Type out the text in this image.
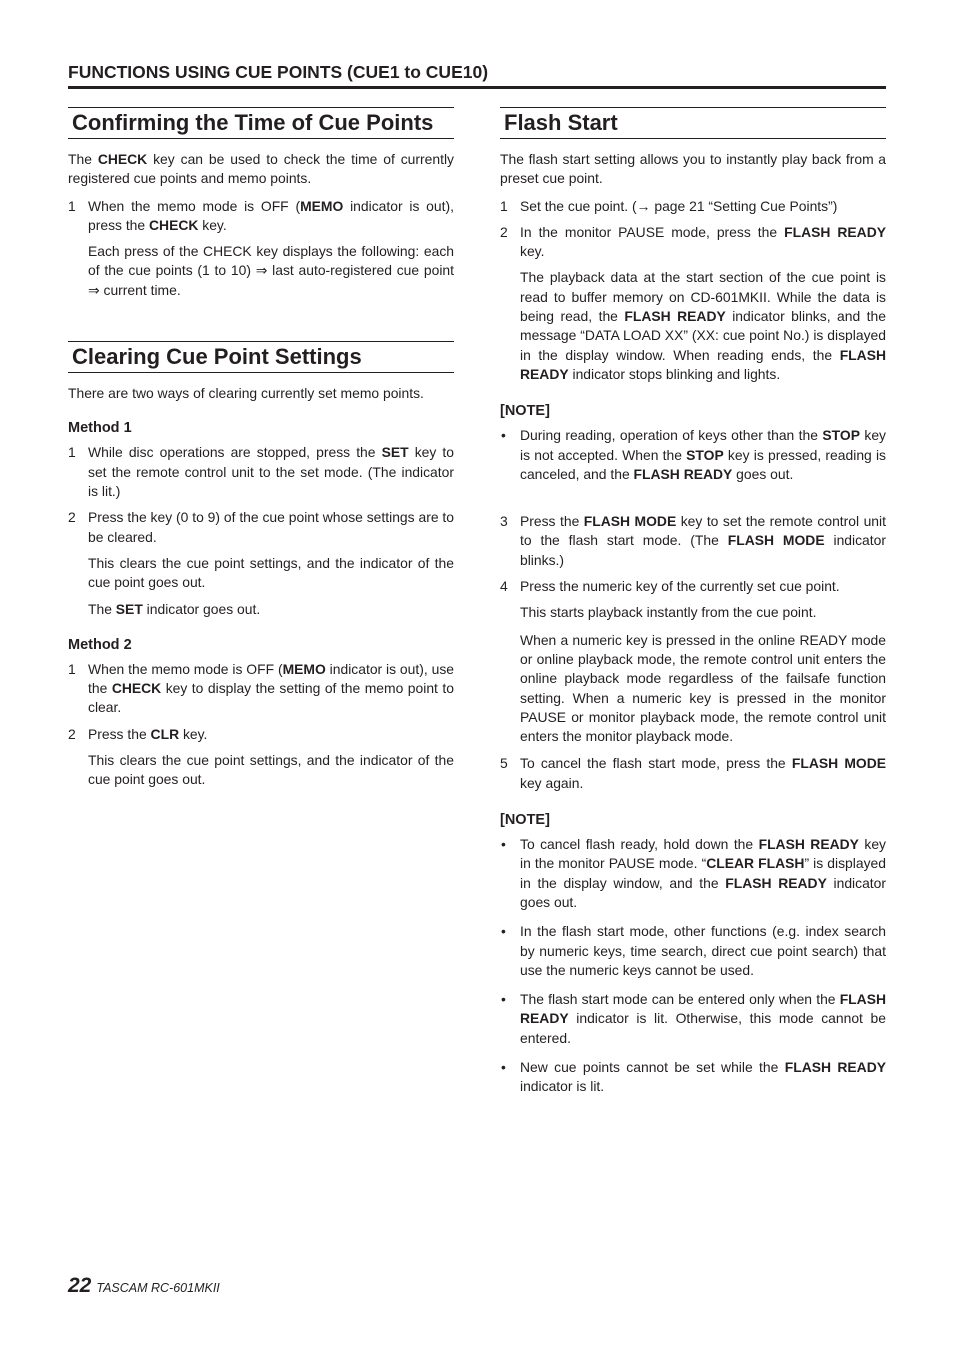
FUNCTIONS USING CUE POINTS (CUE1 to CUE10)
Confirming the Time of Cue Points

The CHECK key can be used to check the time of currently registered cue points and memo points.

1 When the memo mode is OFF (MEMO indicator is out), press the CHECK key.

Each press of the CHECK key displays the following: each of the cue points (1 to 10) ⇒ last auto-registered cue point ⇒ current time.

Clearing Cue Point Settings

There are two ways of clearing currently set memo points.

Method 1
1 While disc operations are stopped, press the SET key to set the remote control unit to the set mode. (The indicator is lit.)
2 Press the key (0 to 9) of the cue point whose settings are to be cleared.

This clears the cue point settings, and the indicator of the cue point goes out.

The SET indicator goes out.

Method 2
1 When the memo mode is OFF (MEMO indicator is out), use the CHECK key to display the setting of the memo point to clear.
2 Press the CLR key.

This clears the cue point settings, and the indicator of the cue point goes out.

Flash Start

The flash start setting allows you to instantly play back from a preset cue point.

1 Set the cue point. (→ page 21 “Setting Cue Points”)
2 In the monitor PAUSE mode, press the FLASH READY key.

The playback data at the start section of the cue point is read to buffer memory on CD-601MKII. While the data is being read, the FLASH READY indicator blinks, and the message “DATA LOAD XX” (XX: cue point No.) is displayed in the display window. When reading ends, the FLASH READY indicator stops blinking and lights.

[NOTE]
• During reading, operation of keys other than the STOP key is not accepted. When the STOP key is pressed, reading is canceled, and the FLASH READY goes out.
3 Press the FLASH MODE key to set the remote control unit to the flash start mode. (The FLASH MODE indicator blinks.)
4 Press the numeric key of the currently set cue point.

This starts playback instantly from the cue point.

When a numeric key is pressed in the online READY mode or online playback mode, the remote control unit enters the online playback mode regardless of the failsafe function setting. When a numeric key is pressed in the monitor PAUSE or monitor playback mode, the remote control unit enters the monitor playback mode.

5 To cancel the flash start mode, press the FLASH MODE key again.
[NOTE]
• To cancel flash ready, hold down the FLASH READY key in the monitor PAUSE mode. “CLEAR FLASH” is displayed in the display window, and the FLASH READY indicator goes out.
• In the flash start mode, other functions (e.g. index search by numeric keys, time search, direct cue point search) that use the numeric keys cannot be used.
• The flash start mode can be entered only when the FLASH READY indicator is lit. Otherwise, this mode cannot be entered.
• New cue points cannot be set while the FLASH READY indicator is lit.
22 TASCAM RC-601MKII
